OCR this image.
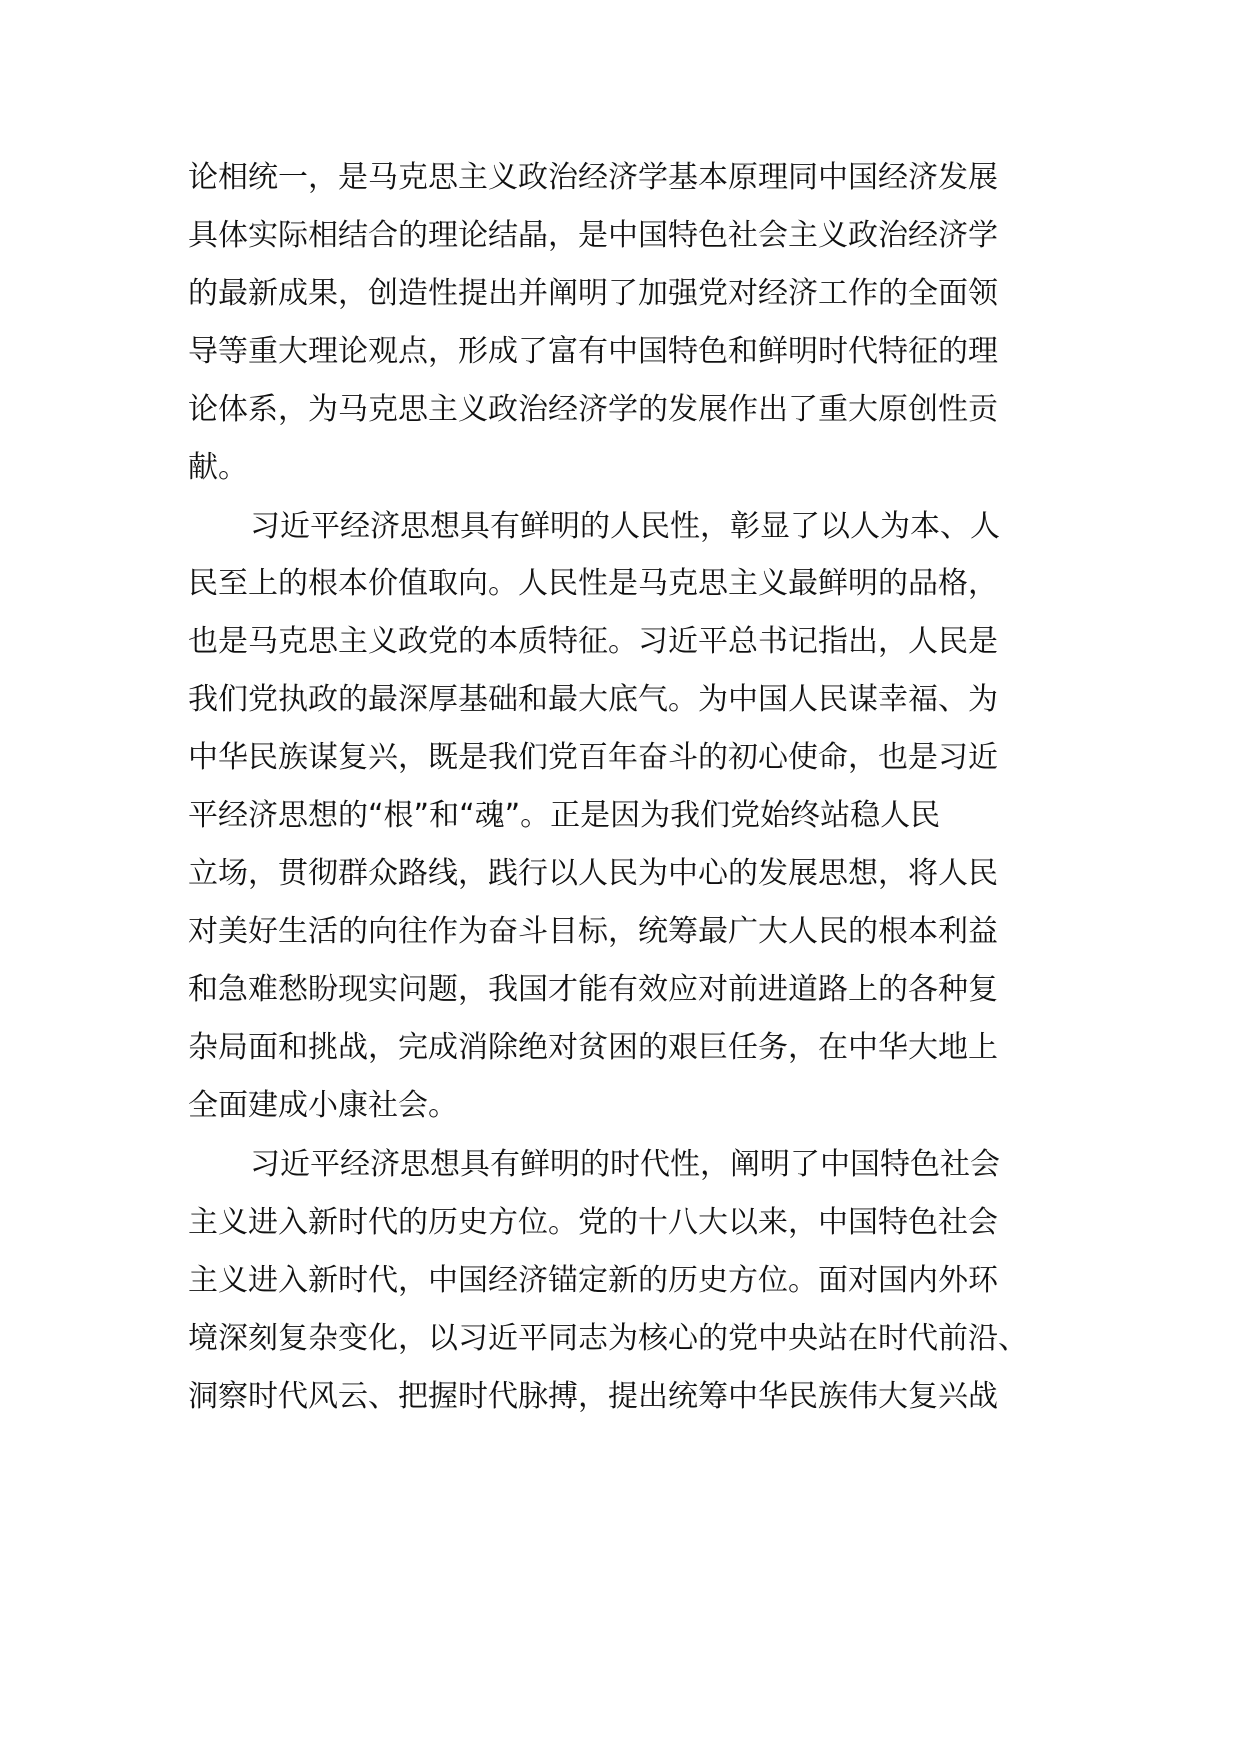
论相统一，是马克思主义政治经济学基本原理同中国经济发展
具体实际相结合的理论结晶，是中国特色社会主义政治经济学
的最新成果，创造性提出并阐明了加强党对经济工作的全面领
导等重大理论观点，形成了富有中国特色和鲜明时代特征的理
论体系，为马克思主义政治经济学的发展作出了重大原创性贡
献。
习近平经济思想具有鲜明的人民性，彰显了以人为本、人
民至上的根本价值取向。人民性是马克思主义最鲜明的品格，
也是马克思主义政党的本质特征。习近平总书记指出，人民是
我们党执政的最深厚基础和最大底气。为中国人民谋幸福、为
中华民族谋复兴，既是我们党百年奋斗的初心使命，也是习近
平经济思想的“根”和“魂”。正是因为我们党始终站稳人民
立场，贯彻群众路线，践行以人民为中心的发展思想，将人民
对美好生活的向往作为奋斗目标，统筹最广大人民的根本利益
和急难愁盼现实问题，我国才能有效应对前进道路上的各种复
杂局面和挑战，完成消除绝对贫困的艰巨任务，在中华大地上
全面建成小康社会。
习近平经济思想具有鲜明的时代性，阐明了中国特色社会
主义进入新时代的历史方位。党的十八大以来，中国特色社会
主义进入新时代，中国经济锚定新的历史方位。面对国内外环
境深刻复杂变化，以习近平同志为核心的党中央站在时代前沿、
洞察时代风云、把握时代脉搏，提出统筹中华民族伟大复兴战
